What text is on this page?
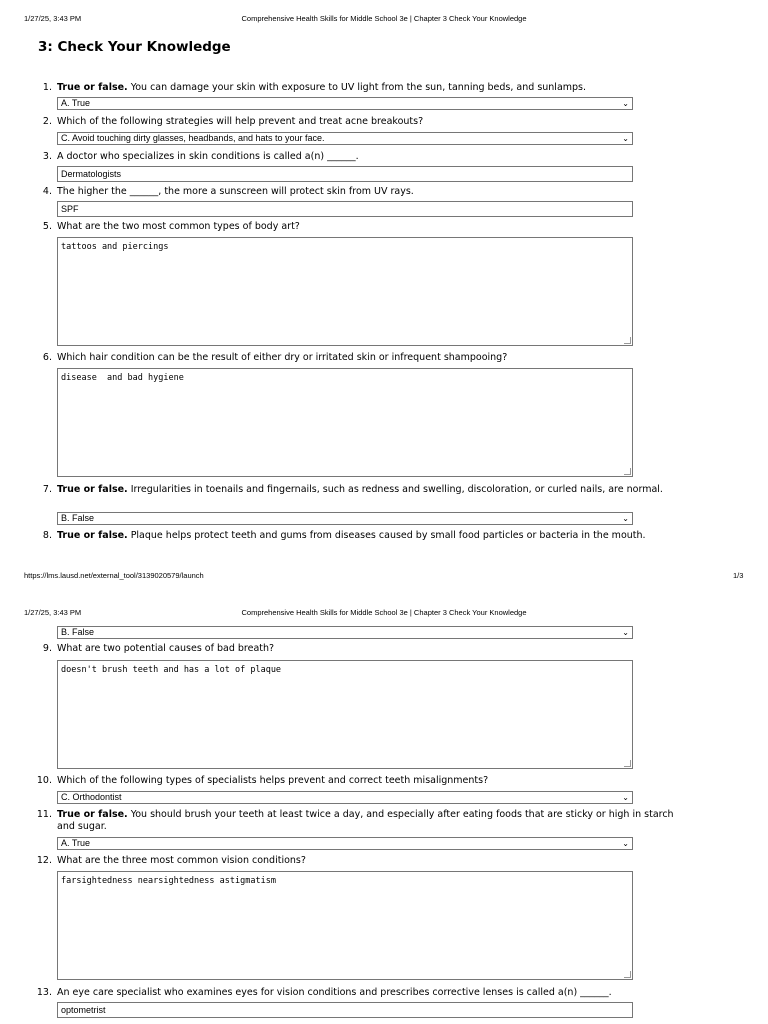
1/27/25, 3:43 PM	Comprehensive Health Skills for Middle School 3e | Chapter 3 Check Your Knowledge
3: Check Your Knowledge
1. True or false. You can damage your skin with exposure to UV light from the sun, tanning beds, and sunlamps.
A. True	⌄
2. Which of the following strategies will help prevent and treat acne breakouts?
C. Avoid touching dirty glasses, headbands, and hats to your face.	⌄
3. A doctor who specializes in skin conditions is called a(n) ______.
Dermatologists
4. The higher the ______, the more a sunscreen will protect skin from UV rays.
SPF
5. What are the two most common types of body art?
tattoos and piercings
6. Which hair condition can be the result of either dry or irritated skin or infrequent shampooing?
disease  and bad hygiene
7. True or false. Irregularities in toenails and fingernails, such as redness and swelling, discoloration, or curled nails, are normal.
B. False	⌄
8. True or false. Plaque helps protect teeth and gums from diseases caused by small food particles or bacteria in the mouth.
https://lms.lausd.net/external_tool/3139020579/launch	1/3
1/27/25, 3:43 PM	Comprehensive Health Skills for Middle School 3e | Chapter 3 Check Your Knowledge
B. False	⌄
9. What are two potential causes of bad breath?
doesn't brush teeth and has a lot of plaque
10. Which of the following types of specialists helps prevent and correct teeth misalignments?
C. Orthodontist	⌄
11. True or false. You should brush your teeth at least twice a day, and especially after eating foods that are sticky or high in starch and sugar.
A. True	⌄
12. What are the three most common vision conditions?
farsightedness nearsightedness astigmatism
13. An eye care specialist who examines eyes for vision conditions and prescribes corrective lenses is called a(n) ______.
optometrist
